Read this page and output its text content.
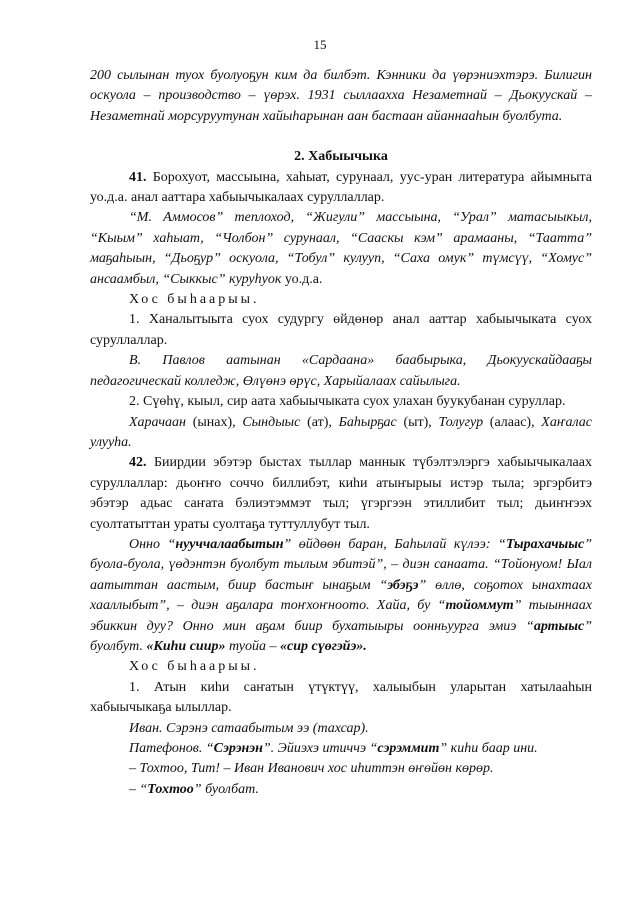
15

200 сылынан туох буолуоҕун ким да билбэт. Кэнники да үөрэниэхтэрэ. Билигин оскуола – производство – үөрэх. 1931 сыллаахха Незаметнай – Дьокуускай – Незаметнай морсуруутунан хайыһарынан аан бастаан айаннааһын буолбута.

2. Хабыычыка

41. Борохуот, массыына, хаһыат, сурунаал, уус-уран литература айымныта уо.д.а. анал ааттара хабыычыкалаах суруллаллар.

“М. Аммосов” теплоход, “Жигули” массыына, “Урал” матасыыкыл, “Кыым” хаһыат, “Чолбон” сурунаал, “Сааскы кэм” арамааны, “Таатта” маҕаһыын, “Дьоҕур” оскуола, “Тобул” кулууп, “Саха омук” түмсүү, “Хомус” ансаамбыл, “Сыккыс” куруһуок уо.д.а.

Хос быһаарыы.

1. Ханалытыыта суох судургу өйдөнөр анал ааттар хабыычыката суох суруллаллар.

В. Павлов аатынан «Сардаана» баабырыка, Дьокуускайдааҕы педагогическай колледж, Өлүөнэ өрүс, Харыйалаах сайылыга.

2. Сүөһү, кыыл, сир аата хабыычыката суох улахан буукубанан суруллар.

Харачаан (ынах), Сындыыс (ат), Баһырҕас (ыт), Толугур (алаас), Хаҥалас улууһа.

42. Биирдии эбэтэр быстах тыллар маннык түбэлтэлэргэ хабыычыкалаах суруллаллар: дьоҥҥо соччо биллибэт, киһи атыҥырыы истэр тыла; эргэрбитэ эбэтэр адьас саҥата бэлиэтэммэт тыл; үгэргээн этиллибит тыл; дьиҥҥээх суолтатыттан ураты суолтаҕа туттуллубут тыл.

Онно “нууччалаабытын” өйдөөн баран, Баһылай күлээ: “Тырахачыыс” буола-буола, үөдэнтэн буолбут тылым эбитэй”, – диэн санаата. “Тойонуом! Ыал аатыттан аастым, биир бастыҥ ынаҕым “эбэҕэ” өллө, соҕотох ынахтаах хааллыбыт”, – диэн аҕалара тоҥхоҥноото. Хайа, бу “тойоммут” тыыннаах эбиккин дуу? Онно мин аҕам биир бухатыыры оонньуурга эмиэ “артыыс” буолбут. «Киһи сиир» туойа – «сир сүөгэйэ».

Хос быһаарыы.

1. Атын киһи саҥатын үтүктүү, халыыбын уларытан хатылааһын хабыычыкаҕа ылыллар.

Иван. Сэрэнэ сатаабытым ээ (тахсар).

Патефонов. “Сэрэнэн”. Эйиэхэ итиччэ “сэрэммит” киһи баар ини.

– Тохтоо, Тит! – Иван Иванович хос иһиттэн өҥөйөн көрөр.

– “Тохтоо” буолбат.
